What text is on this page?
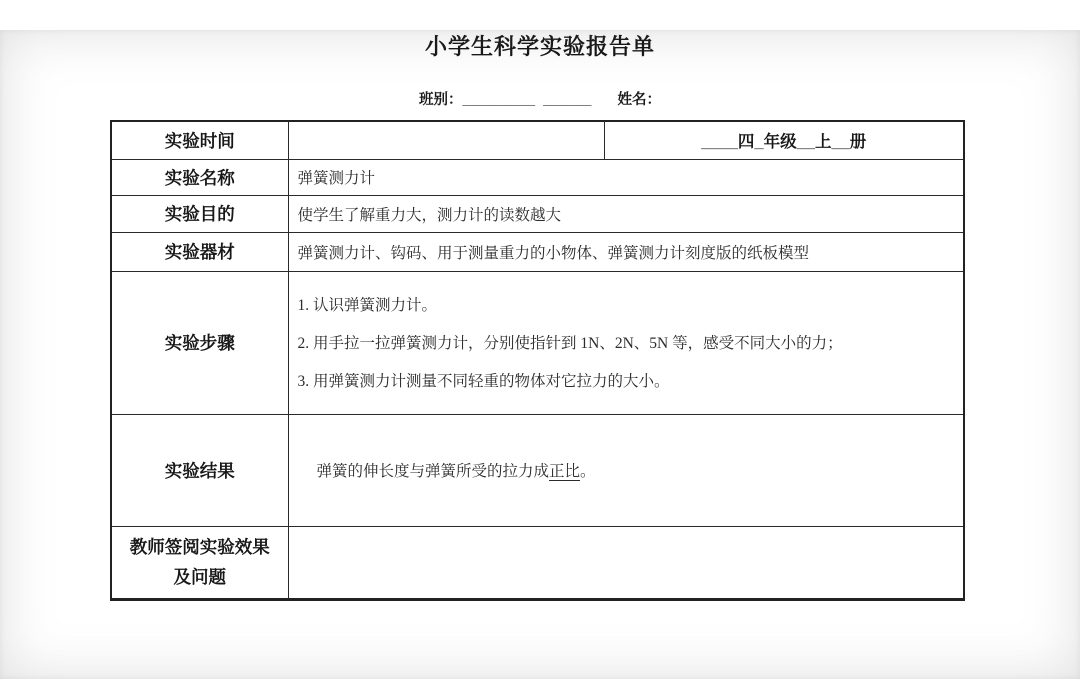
小学生科学实验报告单
班别：_________ ______ 姓名：
实验时间		____四_年级__上__册
实验名称	弹簧测力计	
实验目的	使学生了解重力大，测力计的读数越大	
实验器材	弹簧测力计、钩码、用于测量重力的小物体、弹簧测力计刻度版的纸板模型	
实验步骤	1. 认识弹簧测力计。
2. 用手拉一拉弹簧测力计，分别使指针到 1N、2N、5N 等，感受不同大小的力；
3. 用弹簧测力计测量不同轻重的物体对它拉力的大小。	

实验结果	弹簧的伸长度与弹簧所受的拉力成正比。	

教师签阅实验效果
及问题		
